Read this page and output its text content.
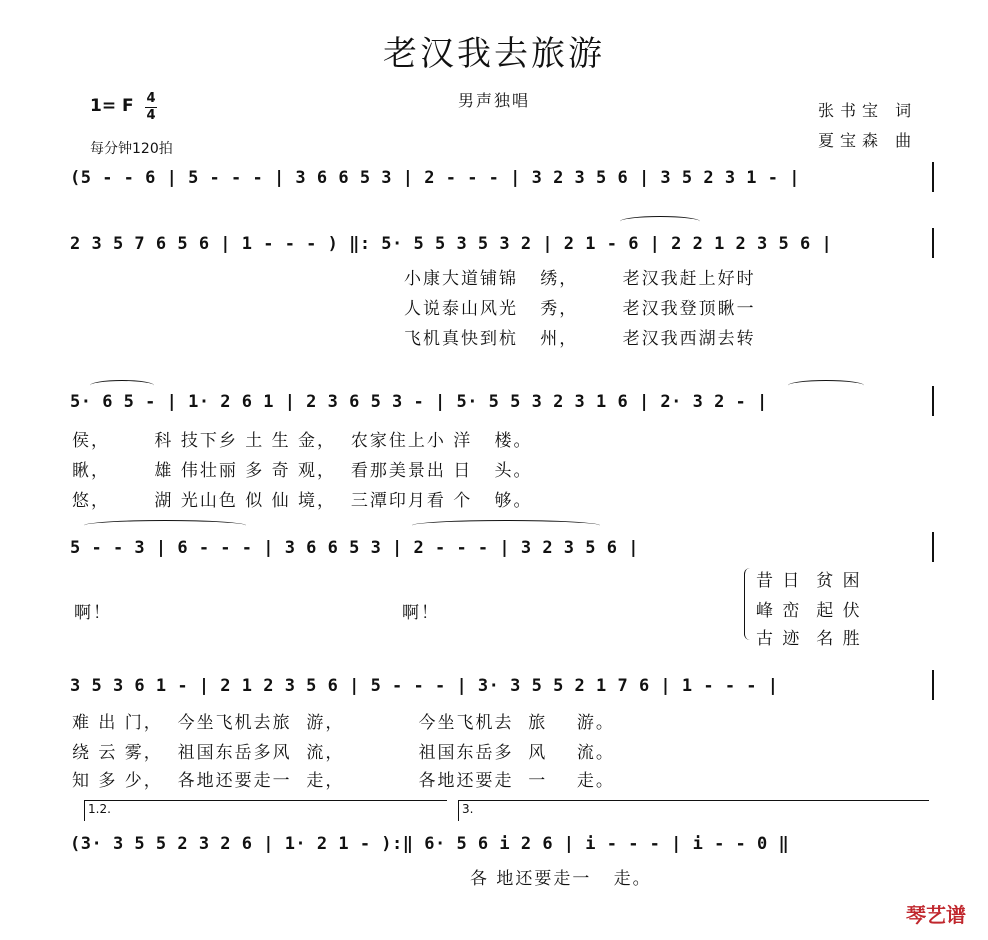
老汉我去旅游
男声独唱
张书宝 词
夏宝森 曲
1= F 4
4
每分钟120拍
(5 - - 6 | 5 - - - | 3 6 6 5 3 | 2 - - - | 3 2 3 5 6 | 3 5 2 3 1 - |
2 3 5 7 6 5 6 | 1 - - - ) ‖: 5· 5 5 3 5 3 2 | 2 1 - 6 | 2 2 1 2 3 5 6 |
小康大道铺锦   绣，      老汉我赶上好时
人说泰山风光   秀，      老汉我登顶瞅一
飞机真快到杭   州，      老汉我西湖去转
5· 6 5 - | 1· 2 6 1 | 2 3 6 5 3 - | 5· 5 5 3 2 3 1 6 | 2· 3 2 - |
侯，      科 技下乡 土 生 金，  农家住上小 洋   楼。
瞅，      雄 伟壮丽 多 奇 观，  看那美景出 日   头。
悠，      湖 光山色 似 仙 境，  三潭印月看 个   够。
5 - - 3 | 6 - - - | 3 6 6 5 3 | 2 - - - | 3 2 3 5 6 |
啊！	啊！
昔 日  贫 困
峰 峦  起 伏
古 迹  名 胜
3 5 3 6 1 - | 2 1 2 3 5 6 | 5 - - - | 3· 3 5 5 2 1 7 6 | 1 - - - |
难 出 门，  今坐飞机去旅  游，          今坐飞机去  旅    游。
绕 云 雾，  祖国东岳多风  流，          祖国东岳多  风    流。
知 多 少，  各地还要走一  走，          各地还要走  一    走。
1.2.	3.
(3· 3 5 5 2 3 2 6 | 1· 2 1 - ):‖ 6· 5 6 i 2 6 | i - - - | i - - 0 ‖
各 地还要走一   走。
琴艺谱
